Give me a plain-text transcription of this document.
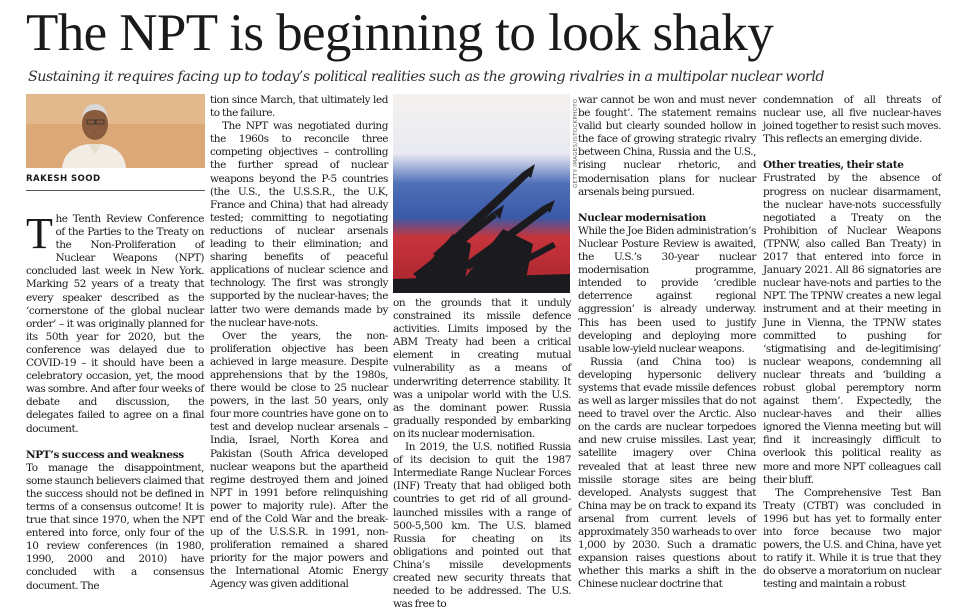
The NPT is beginning to look shaky
Sustaining it requires facing up to today’s political realities such as the growing rivalries in a multipolar nuclear world
RAKESH SOOD

The Tenth Review Conference of the Parties to the Treaty on the Non-Proliferation of Nuclear Weapons (NPT) concluded last week in New York. Marking 52 years of a treaty that every speaker described as the ‘cornerstone of the global nuclear order’ – it was originally planned for its 50th year for 2020, but the conference was delayed due to COVID-19 – it should have been a celebratory occasion, yet, the mood was sombre. And after four weeks of debate and discussion, the delegates failed to agree on a final document.

NPT’s success and weakness

To manage the disappointment, some staunch believers claimed that the success should not be defined in terms of a consensus outcome! It is true that since 1970, when the NPT entered into force, only four of the 10 review conferences (in 1980, 1990, 2000 and 2010) have concluded with a consensus document. The

tion since March, that ultimately led to the failure.

The NPT was negotiated during the 1960s to reconcile three competing objectives – controlling the further spread of nuclear weapons beyond the P-5 countries (the U.S., the U.S.S.R., the U.K, France and China) that had already tested; committing to negotiating reductions of nuclear arsenals leading to their elimination; and sharing benefits of peaceful applications of nuclear science and technology. The first was strongly supported by the nuclear-haves; the latter two were demands made by the nuclear have-nots.

Over the years, the non-proliferation objective has been achieved in large measure. Despite apprehensions that by the 1980s, there would be close to 25 nuclear powers, in the last 50 years, only four more countries have gone on to test and develop nuclear arsenals – India, Israel, North Korea and Pakistan (South Africa developed nuclear weapons but the apartheid regime destroyed them and joined NPT in 1991 before relinquishing power to majority rule). After the end of the Cold War and the break-up of the U.S.S.R. in 1991, non-proliferation remained a shared priority for the major powers and the International Atomic Energy Agency was given additional

GETTY IMAGES/ISTOCKPHOTO

on the grounds that it unduly constrained its missile defence activities. Limits imposed by the ABM Treaty had been a critical element in creating mutual vulnerability as a means of underwriting deterrence stability. It was a unipolar world with the U.S. as the dominant power. Russia gradually responded by embarking on its nuclear modernisation.

In 2019, the U.S. notified Russia of its decision to quit the 1987 Intermediate Range Nuclear Forces (INF) Treaty that had obliged both countries to get rid of all ground-launched missiles with a range of 500-5,500 km. The U.S. blamed Russia for cheating on its obligations and pointed out that China’s missile developments created new security threats that needed to be addressed. The U.S. was free to

war cannot be won and must never be fought’. The statement remains valid but clearly sounded hollow in the face of growing strategic rivalry between China, Russia and the U.S., rising nuclear rhetoric, and modernisation plans for nuclear arsenals being pursued.

Nuclear modernisation

While the Joe Biden administration’s Nuclear Posture Review is awaited, the U.S.’s 30-year nuclear modernisation programme, intended to provide ‘credible deterrence against regional aggression’ is already underway. This has been used to justify developing and deploying more usable low-yield nuclear weapons.

Russia (and China too) is developing hypersonic delivery systems that evade missile defences as well as larger missiles that do not need to travel over the Arctic. Also on the cards are nuclear torpedoes and new cruise missiles. Last year, satellite imagery over China revealed that at least three new missile storage sites are being developed. Analysts suggest that China may be on track to expand its arsenal from current levels of approximately 350 warheads to over 1,000 by 2030. Such a dramatic expansion raises questions about whether this marks a shift in the Chinese nuclear doctrine that

condemnation of all threats of nuclear use, all five nuclear-haves joined together to resist such moves. This reflects an emerging divide.

Other treaties, their state

Frustrated by the absence of progress on nuclear disarmament, the nuclear have-nots successfully negotiated a Treaty on the Prohibition of Nuclear Weapons (TPNW, also called Ban Treaty) in 2017 that entered into force in January 2021. All 86 signatories are nuclear have-nots and parties to the NPT. The TPNW creates a new legal instrument and at their meeting in June in Vienna, the TPNW states committed to pushing for ‘stigmatising and de-legitimising’ nuclear weapons, condemning all nuclear threats and ‘building a robust global peremptory norm against them’. Expectedly, the nuclear-haves and their allies ignored the Vienna meeting but will find it increasingly difficult to overlook this political reality as more and more NPT colleagues call their bluff.

The Comprehensive Test Ban Treaty (CTBT) was concluded in 1996 but has yet to formally enter into force because two major powers, the U.S. and China, have yet to ratify it. While it is true that they do observe a moratorium on nuclear testing and maintain a robust
